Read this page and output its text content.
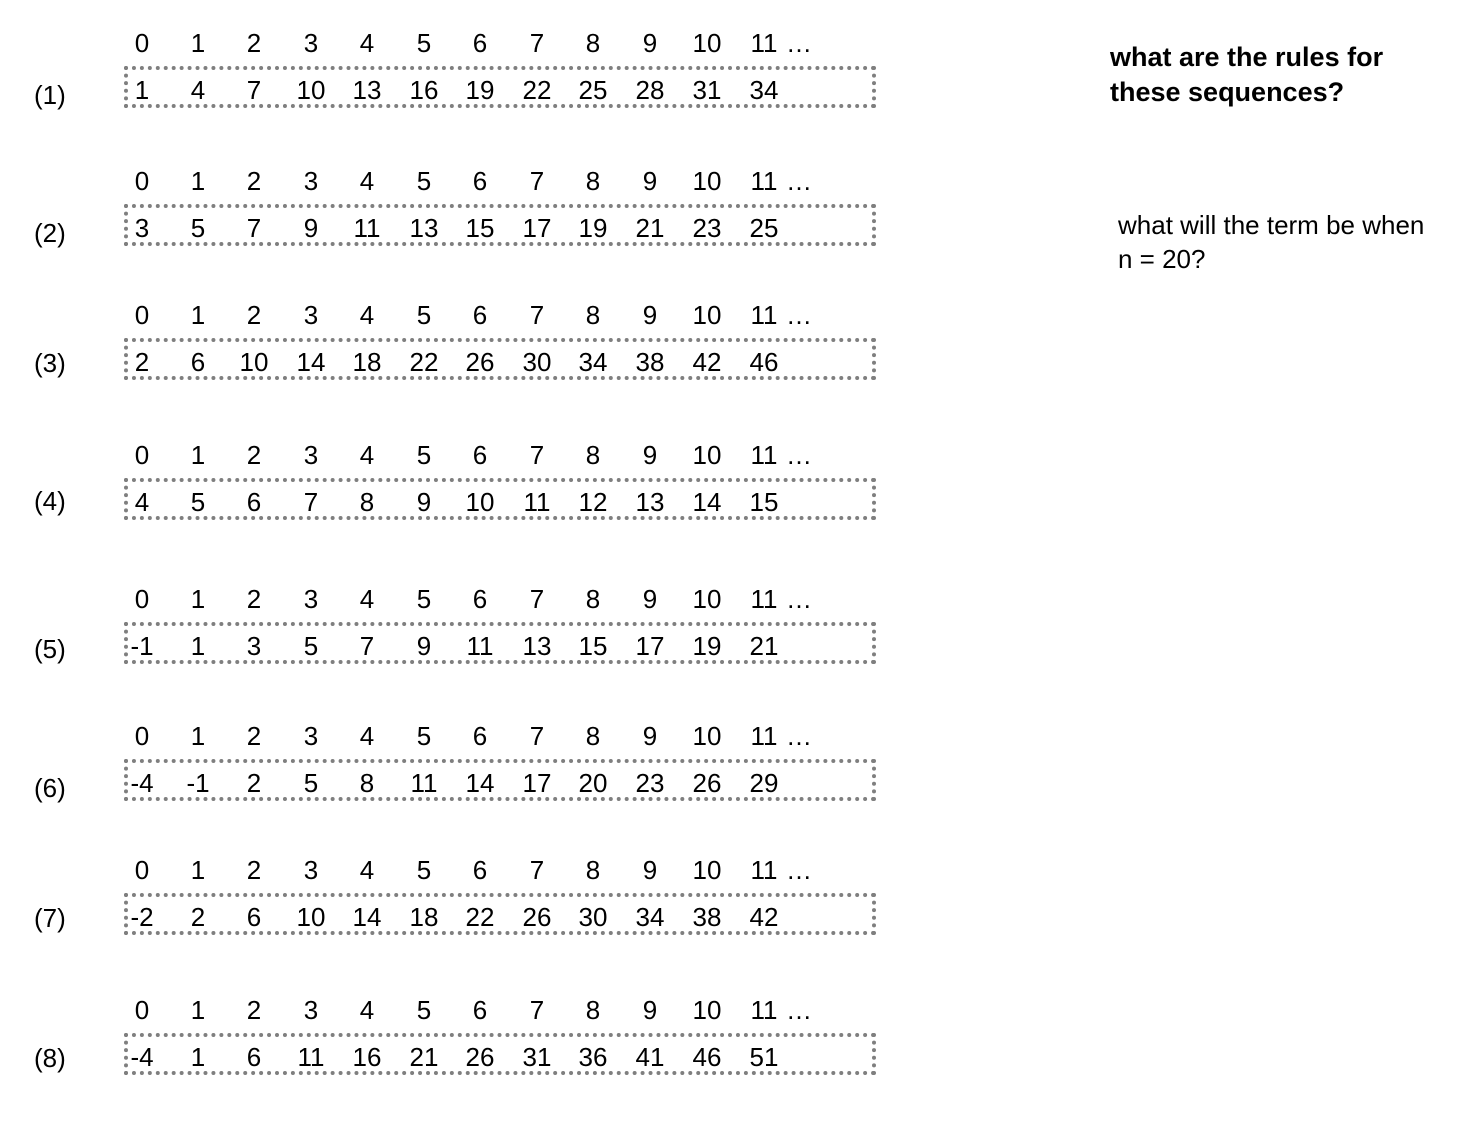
what are the rules for these sequences?
what will the term be when n = 20?
0 1 2 3 4 5 6 7 8 9 10 11 …
(1)	1 4 7 10 13 16 19 22 25 28 31 34
0 1 2 3 4 5 6 7 8 9 10 11 …
(2)	3 5 7 9 11 13 15 17 19 21 23 25
0 1 2 3 4 5 6 7 8 9 10 11 …
(3)	2 6 10 14 18 22 26 30 34 38 42 46
0 1 2 3 4 5 6 7 8 9 10 11 …
(4)	4 5 6 7 8 9 10 11 12 13 14 15
0 1 2 3 4 5 6 7 8 9 10 11 …
(5) -1 1 3 5 7 9 11 13 15 17 19 21
0 1 2 3 4 5 6 7 8 9 10 11 …
(6) -4 -1 2 5 8 11 14 17 20 23 26 29
0 1 2 3 4 5 6 7 8 9 10 11 …
(7) -2 2 6 10 14 18 22 26 30 34 38 42
0 1 2 3 4 5 6 7 8 9 10 11 …
(8) -4 1 6 11 16 21 26 31 36 41 46 51
